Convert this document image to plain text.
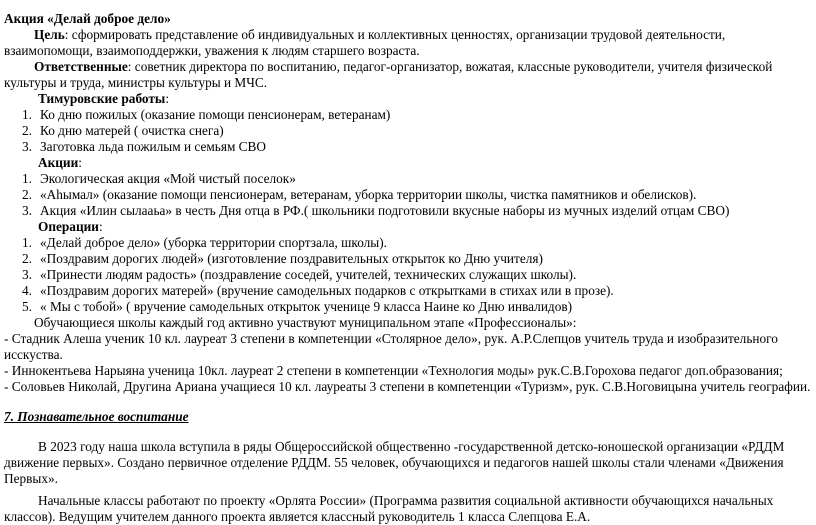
Акция «Делай доброе дело»
Цель: сформировать представление об индивидуальных и коллективных ценностях, организации трудовой деятельности, взаимопомощи, взаимоподдержки, уважения к людям старшего возраста.
Ответственные: советник директора по воспитанию, педагог-организатор, вожатая, классные руководители, учителя физической культуры и труда, министры культуры и МЧС.
Тимуровские работы:
1. Ко дню пожилых (оказание помощи пенсионерам, ветеранам)
2. Ко дню матерей ( очистка снега)
3. Заготовка льда пожилым и семьям СВО
Акции:
1. Экологическая акция «Мой чистый поселок»
2. «Аhымал» (оказание помощи пенсионерам, ветеранам, уборка территории школы, чистка памятников и обелисков).
3. Акция «Илин сылааьа» в честь Дня отца в РФ.( школьники подготовили вкусные наборы из мучных изделий отцам СВО)
Операции:
1. «Делай доброе дело» (уборка территории спортзала, школы).
2. «Поздравим дорогих людей» (изготовление поздравительных открыток ко Дню учителя)
3. «Принести людям радость» (поздравление соседей, учителей, технических служащих школы).
4. «Поздравим дорогих матерей» (вручение самодельных подарков с открытками в стихах или в прозе).
5. « Мы с тобой» ( вручение самодельных открыток ученице 9 класса Наине ко Дню инвалидов)
Обучающиеся школы каждый год активно участвуют муниципальном этапе «Профессионалы»:
- Стадник Алеша ученик 10 кл. лауреат 3 степени в компетенции «Столярное дело», рук. А.Р.Слепцов учитель труда и изобразительного исскуства.
- Иннокентьева Нарыяна ученица 10кл. лауреат 2 степени в компетенции «Технология моды» рук.С.В.Горохова педагог доп.образования;
- Соловьев Николай, Другина Ариана учащиеся 10 кл. лауреаты 3 степени в компетенции «Туризм», рук. С.В.Ноговицына учитель географии.
7. Познавательное воспитание
В 2023 году наша школа вступила в ряды Общероссийской общественно -государственной детско-юношеской организации «РДДМ движение первых». Создано первичное отделение РДДМ. 55 человек, обучающихся и педагогов нашей школы стали членами «Движения Первых».
Начальные классы работают по проекту «Орлята России» (Программа развития социальной активности обучающихся начальных классов). Ведущим учителем данного проекта является классный руководитель 1 класса Слепцова Е.А.
